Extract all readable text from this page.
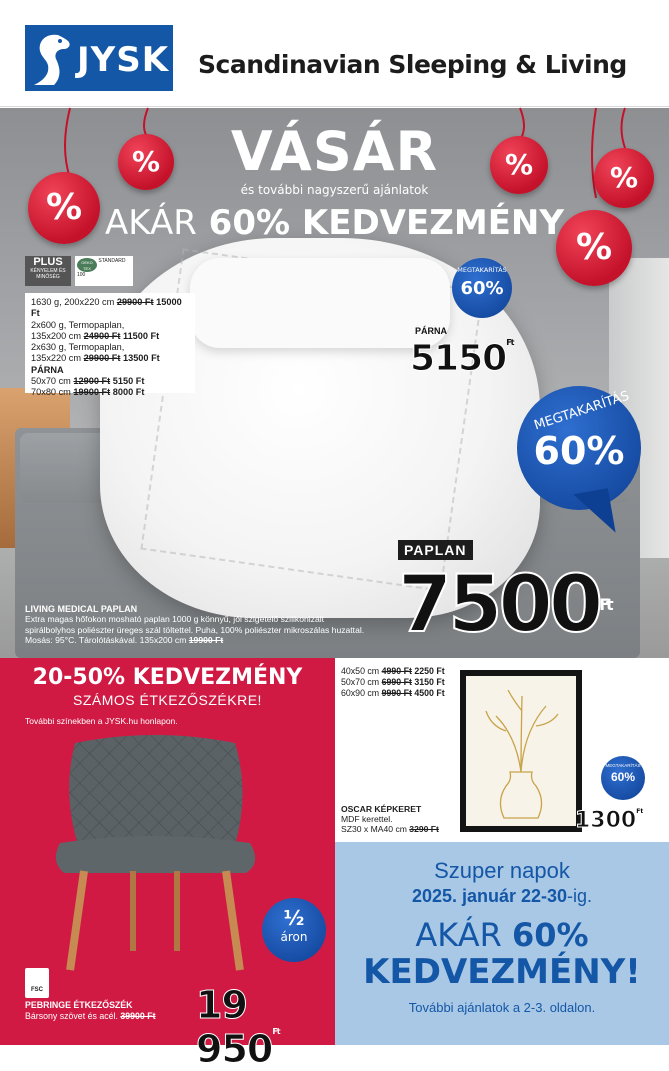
JYSK Scandinavian Sleeping & Living
%
%	%	%
%
VÁSÁR
és további nagyszerű ajánlatok
AKÁR 60% KEDVEZMÉNY
PLUS
KÉNYELEM ÉS MINŐSÉG
OEKO TEX STANDARD 100
1630 g, 200x220 cm 29900 Ft 15000 Ft
2x600 g, Termopaplan,
135x200 cm 24900 Ft 11500 Ft
2x630 g, Termopaplan,
135x220 cm 29900 Ft 13500 Ft
PÁRNA
50x70 cm 12900 Ft 5150 Ft
70x80 cm 19900 Ft 8000 Ft
MEGTAKARÍTÁS
60%
PÁRNA
$5150^{Ft}$
MEGTAKARÍTÁS
60%
PAPLAN
$7500^{Ft}$
LIVING MEDICAL PAPLAN
Extra magas hőfokon mosható paplan 1000 g könnyű, jól szigetelő szilikonizált spirálbolyhos poliészter üreges szál töltettel. Puha, 100% poliészter mikroszálas huzattal. Mosás: 95°C. Tárolótáskával. 135x200 cm 19900 Ft
20-50% KEDVEZMÉNY
SZÁMOS ÉTKEZŐSZÉKRE!
További színekben a JYSK.hu honlapon.
½
áron
FSC
PEBRINGE ÉTKEZŐSZÉK
Bársony szövet és acél. 39900 Ft 19 $950^{Ft}$
40x50 cm 4990 Ft 2250 Ft
50x70 cm 6990 Ft 3150 Ft
60x90 cm 9990 Ft 4500 Ft
MEGTAKARÍTÁS
60%
OSCAR KÉPKERET
MDF kerettel.
SZ30 x MA40 cm 3290 Ft	$1300^{Ft}$
Szuper napok
2025. január 22-30-ig.
AKÁR 60%
KEDVEZMÉNY!
További ajánlatok a 2-3. oldalon.
